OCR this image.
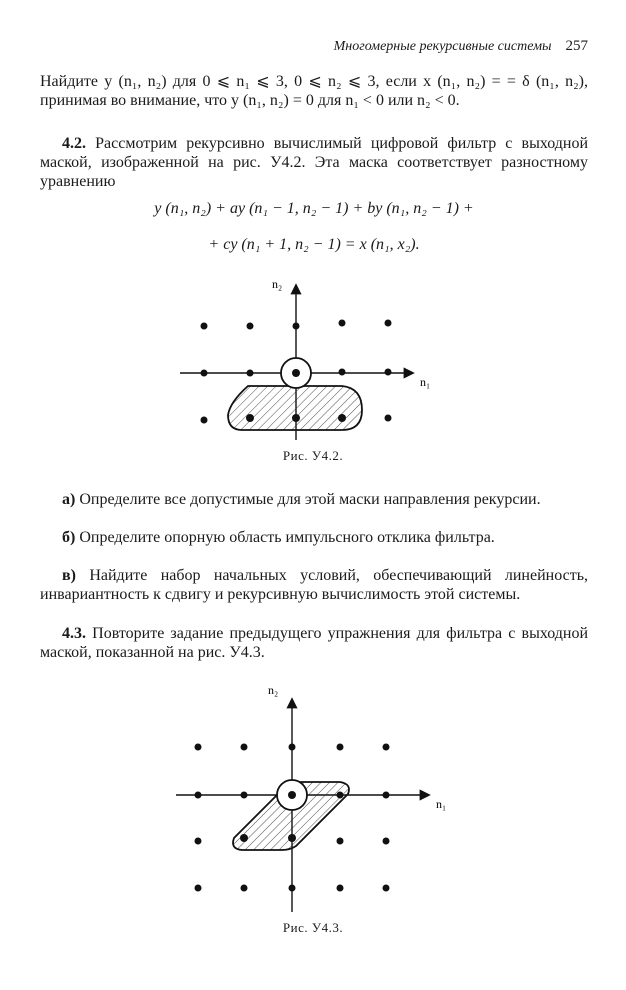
Многомерные рекурсивные системы 257
Найдите y (n₁, n₂) для 0 ⩽ n₁ ⩽ 3, 0 ⩽ n₂ ⩽ 3, если x (n₁, n₂) = = δ (n₁, n₂), принимая во внимание, что y (n₁, n₂) = 0 для n₁ < 0 или n₂ < 0.
4.2. Рассмотрим рекурсивно вычислимый цифровой фильтр с выходной маской, изображенной на рис. У4.2. Эта маска соответствует разностному уравнению
y (n₁, n₂) + ay (n₁ − 1, n₂ − 1) + by (n₁, n₂ − 1) +
+ cy (n₁ + 1, n₂ − 1) = x (n₁, x₂).
n₂
n₁
Рис. У4.2.
а) Определите все допустимые для этой маски направления рекурсии.
б) Определите опорную область импульсного отклика фильтра.
в) Найдите набор начальных условий, обеспечивающий линейность, инвариантность к сдвигу и рекурсивную вычислимость этой системы.
4.3. Повторите задание предыдущего упражнения для фильтра с выходной маской, показанной на рис. У4.3.
n₂
n₁
Рис. У4.3.
